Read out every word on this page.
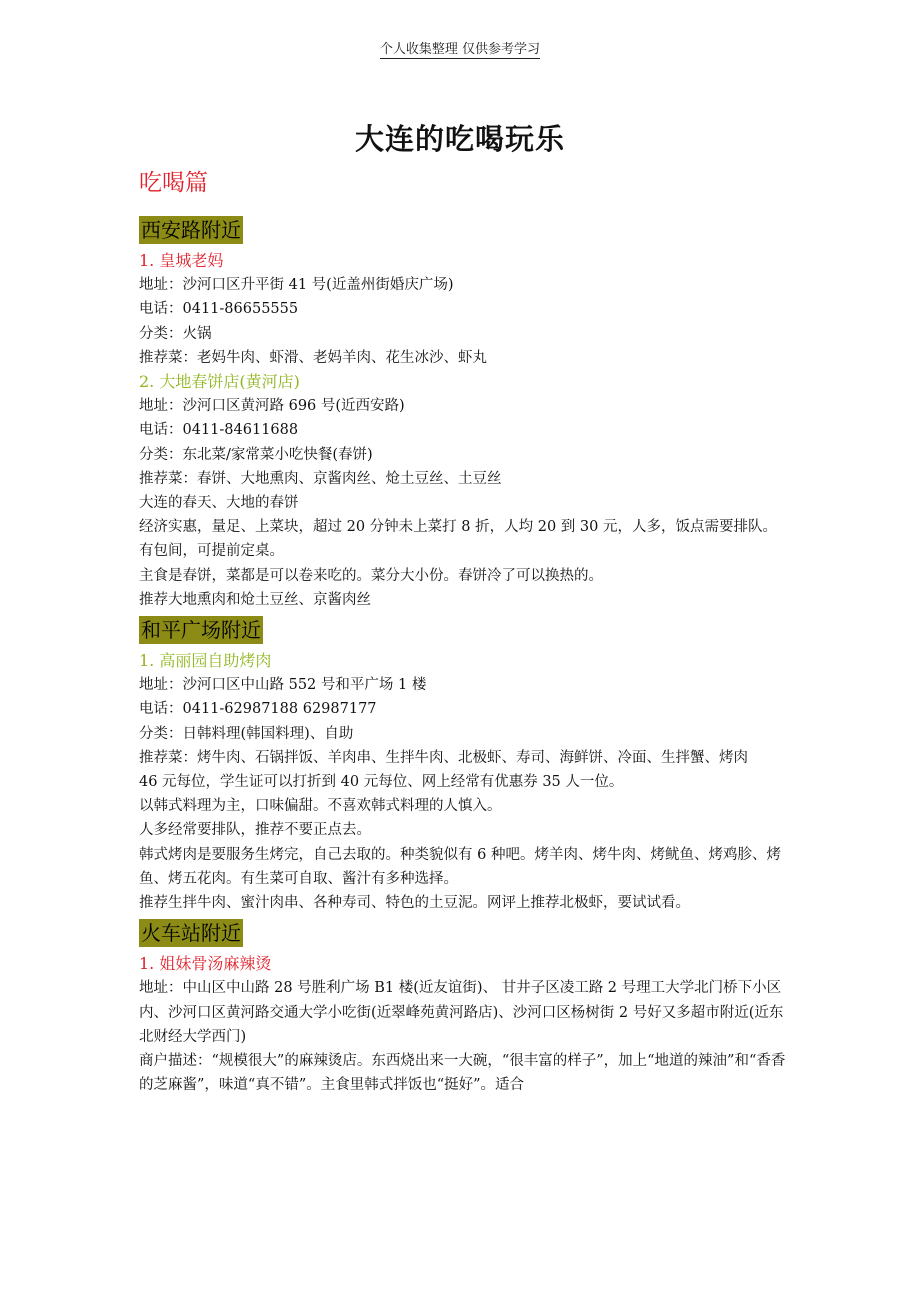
个人收集整理 仅供参考学习
大连的吃喝玩乐
吃喝篇
西安路附近

1. 皇城老妈

地址：沙河口区升平街 41 号(近盖州街婚庆广场)

电话：0411-86655555

分类：火锅

推荐菜：老妈牛肉、虾滑、老妈羊肉、花生冰沙、虾丸

2. 大地春饼店(黄河店)

地址：沙河口区黄河路 696 号(近西安路)

电话：0411-84611688

分类：东北菜/家常菜小吃快餐(春饼)

推荐菜：春饼、大地熏肉、京酱肉丝、炝土豆丝、土豆丝

大连的春天、大地的春饼

经济实惠，量足、上菜块，超过 20 分钟未上菜打 8 折，人均 20 到 30 元，人多，饭点需要排队。有包间，可提前定桌。

主食是春饼，菜都是可以卷来吃的。菜分大小份。春饼冷了可以换热的。

推荐大地熏肉和炝土豆丝、京酱肉丝

和平广场附近

1. 高丽园自助烤肉

地址：沙河口区中山路 552 号和平广场 1 楼

电话：0411-62987188 62987177

分类：日韩料理(韩国料理)、自助

推荐菜：烤牛肉、石锅拌饭、羊肉串、生拌牛肉、北极虾、寿司、海鲜饼、冷面、生拌蟹、烤肉

46 元每位，学生证可以打折到 40 元每位、网上经常有优惠券 35 人一位。

以韩式料理为主，口味偏甜。不喜欢韩式料理的人慎入。

人多经常要排队，推荐不要正点去。

韩式烤肉是要服务生烤完，自己去取的。种类貌似有 6 种吧。烤羊肉、烤牛肉、烤鱿鱼、烤鸡胗、烤鱼、烤五花肉。有生菜可自取、酱汁有多种选择。

推荐生拌牛肉、蜜汁肉串、各种寿司、特色的土豆泥。网评上推荐北极虾，要试试看。

火车站附近

1. 姐妹骨汤麻辣烫

地址：中山区中山路 28 号胜利广场 B1 楼(近友谊街)、 甘井子区凌工路 2 号理工大学北门桥下小区内、沙河口区黄河路交通大学小吃街(近翠峰苑黄河路店)、沙河口区杨树街 2 号好又多超市附近(近东北财经大学西门)

商户描述：“规模很大”的麻辣烫店。东西烧出来一大碗，“很丰富的样子”，加上“地道的辣油”和“香香的芝麻酱”，味道“真不错”。主食里韩式拌饭也“挺好”。适合
